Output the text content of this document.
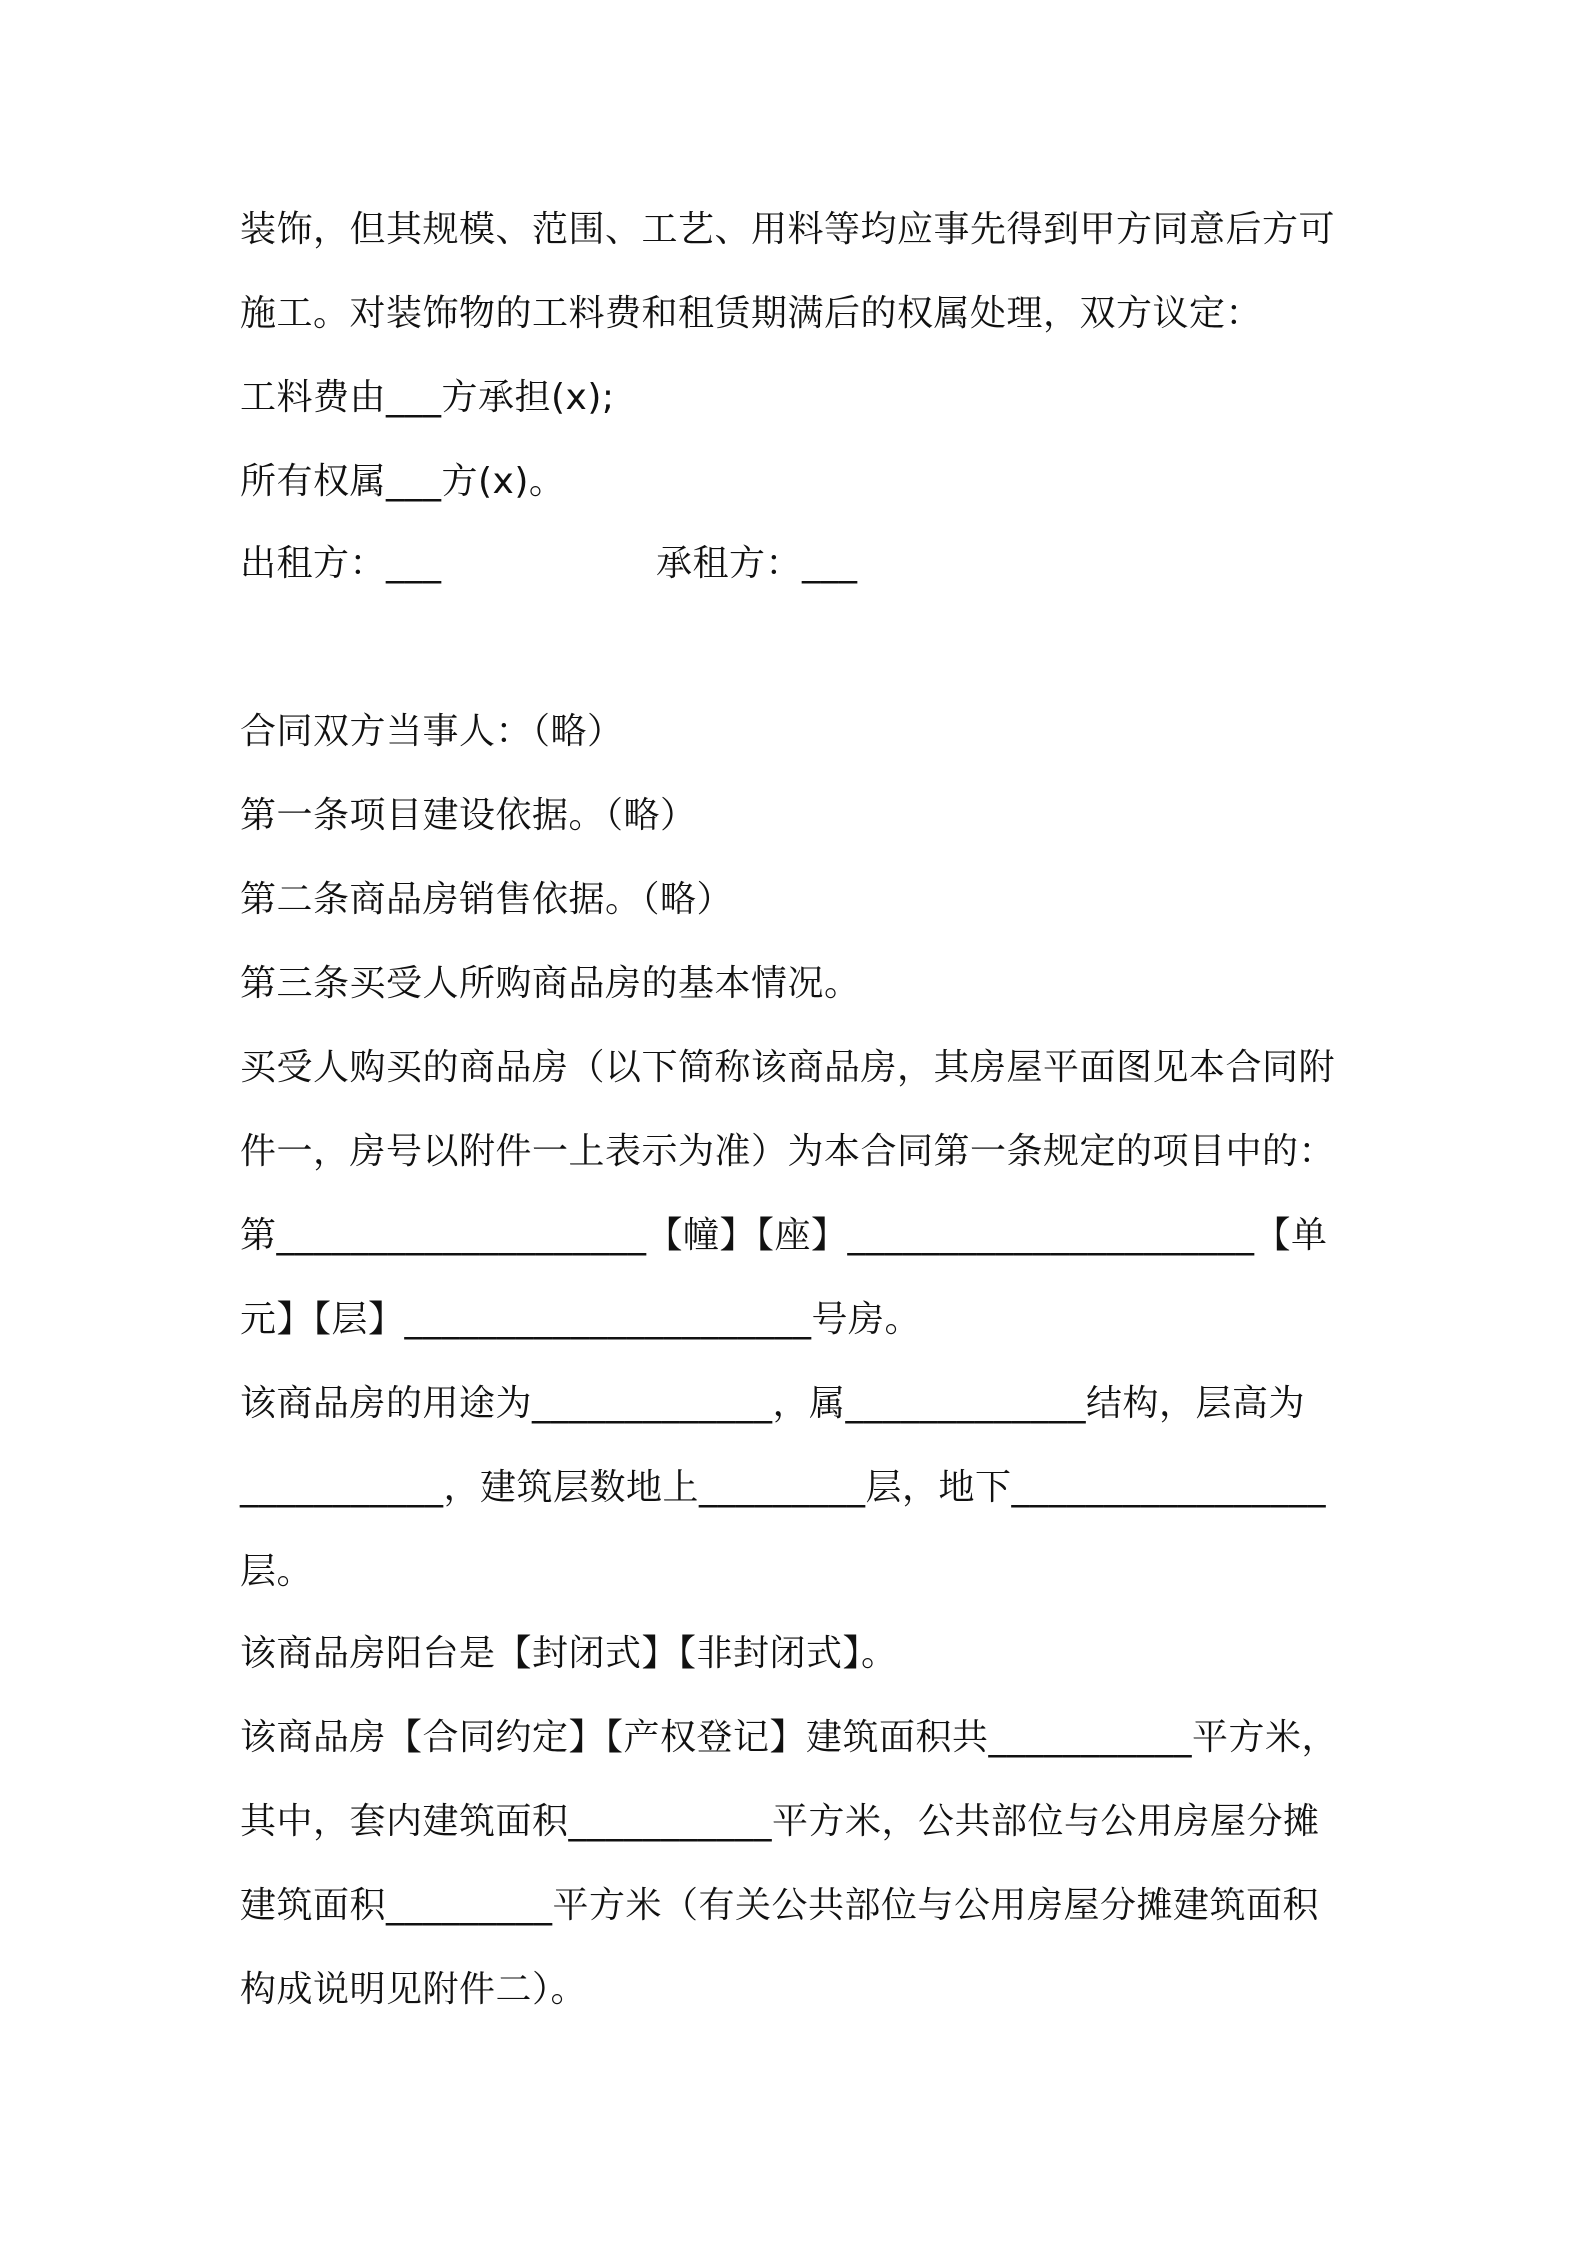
装饰，但其规模、范围、工艺、用料等均应事先得到甲方同意后方可
施工。对装饰物的工料费和租赁期满后的权属处理，双方议定：
工料费由___方承担(x);
所有权属___方(x)。
出租方：___	承租方：___
合同双方当事人：（略）
第一条项目建设依据。（略）
第二条商品房销售依据。（略）
第三条买受人所购商品房的基本情况。
买受人购买的商品房（以下简称该商品房，其房屋平面图见本合同附
件一，房号以附件一上表示为准）为本合同第一条规定的项目中的：
第____________________【幢】【座】______________________【单
元】【层】______________________号房。
该商品房的用途为_____________，属_____________结构，层高为
___________，建筑层数地上_________层，地下_________________
层。
该商品房阳台是【封闭式】【非封闭式】。
该商品房【合同约定】【产权登记】建筑面积共___________平方米，
其中，套内建筑面积___________平方米，公共部位与公用房屋分摊
建筑面积_________平方米（有关公共部位与公用房屋分摊建筑面积
构成说明见附件二）。
